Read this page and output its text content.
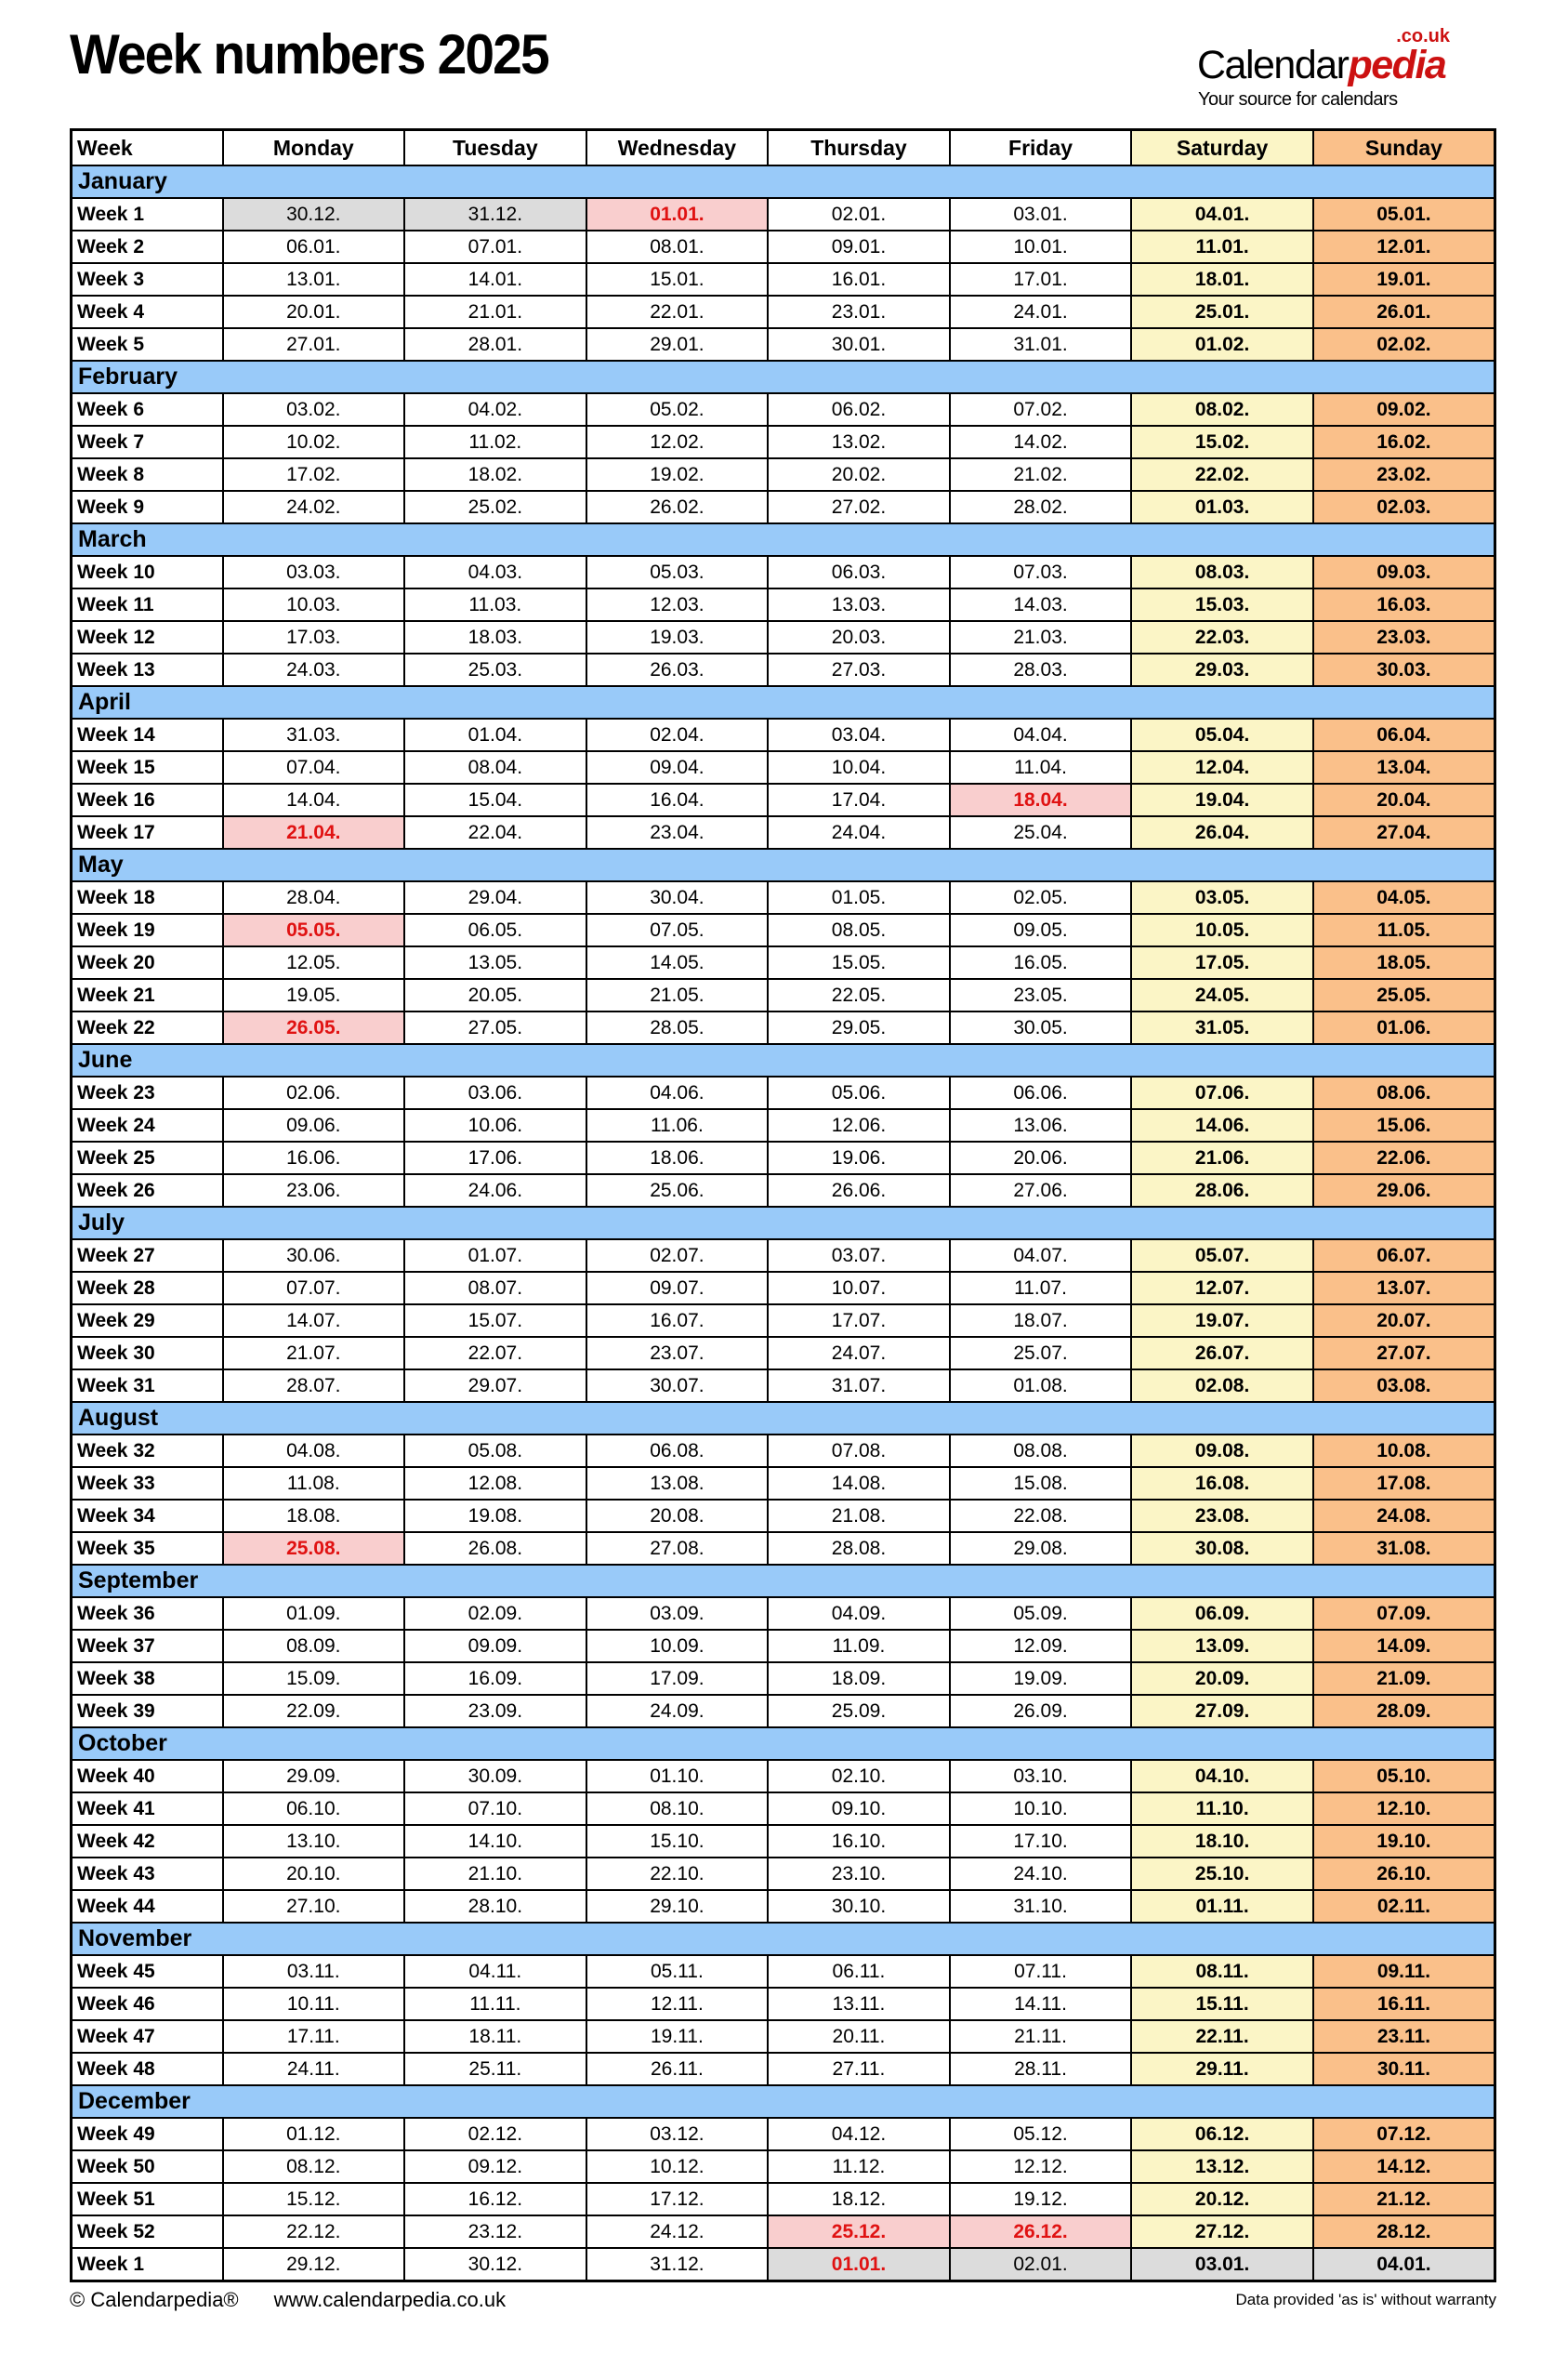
Week numbers 2025	.co.uk
Calendarpedia
Your source for calendars
Week	Monday	Tuesday	Wednesday	Thursday	Friday	Saturday	Sunday
January							
Week 1	30.12.	31.12.	01.01.	02.01.	03.01.	04.01.	05.01.
Week 2	06.01.	07.01.	08.01.	09.01.	10.01.	11.01.	12.01.
Week 3	13.01.	14.01.	15.01.	16.01.	17.01.	18.01.	19.01.
Week 4	20.01.	21.01.	22.01.	23.01.	24.01.	25.01.	26.01.
Week 5	27.01.	28.01.	29.01.	30.01.	31.01.	01.02.	02.02.
February							
Week 6	03.02.	04.02.	05.02.	06.02.	07.02.	08.02.	09.02.
Week 7	10.02.	11.02.	12.02.	13.02.	14.02.	15.02.	16.02.
Week 8	17.02.	18.02.	19.02.	20.02.	21.02.	22.02.	23.02.
Week 9	24.02.	25.02.	26.02.	27.02.	28.02.	01.03.	02.03.
March							
Week 10	03.03.	04.03.	05.03.	06.03.	07.03.	08.03.	09.03.
Week 11	10.03.	11.03.	12.03.	13.03.	14.03.	15.03.	16.03.
Week 12	17.03.	18.03.	19.03.	20.03.	21.03.	22.03.	23.03.
Week 13	24.03.	25.03.	26.03.	27.03.	28.03.	29.03.	30.03.
April							
Week 14	31.03.	01.04.	02.04.	03.04.	04.04.	05.04.	06.04.
Week 15	07.04.	08.04.	09.04.	10.04.	11.04.	12.04.	13.04.
Week 16	14.04.	15.04.	16.04.	17.04.	18.04.	19.04.	20.04.
Week 17	21.04.	22.04.	23.04.	24.04.	25.04.	26.04.	27.04.
May							
Week 18	28.04.	29.04.	30.04.	01.05.	02.05.	03.05.	04.05.
Week 19	05.05.	06.05.	07.05.	08.05.	09.05.	10.05.	11.05.
Week 20	12.05.	13.05.	14.05.	15.05.	16.05.	17.05.	18.05.
Week 21	19.05.	20.05.	21.05.	22.05.	23.05.	24.05.	25.05.
Week 22	26.05.	27.05.	28.05.	29.05.	30.05.	31.05.	01.06.
June							
Week 23	02.06.	03.06.	04.06.	05.06.	06.06.	07.06.	08.06.
Week 24	09.06.	10.06.	11.06.	12.06.	13.06.	14.06.	15.06.
Week 25	16.06.	17.06.	18.06.	19.06.	20.06.	21.06.	22.06.
Week 26	23.06.	24.06.	25.06.	26.06.	27.06.	28.06.	29.06.
July							
Week 27	30.06.	01.07.	02.07.	03.07.	04.07.	05.07.	06.07.
Week 28	07.07.	08.07.	09.07.	10.07.	11.07.	12.07.	13.07.
Week 29	14.07.	15.07.	16.07.	17.07.	18.07.	19.07.	20.07.
Week 30	21.07.	22.07.	23.07.	24.07.	25.07.	26.07.	27.07.
Week 31	28.07.	29.07.	30.07.	31.07.	01.08.	02.08.	03.08.
August							
Week 32	04.08.	05.08.	06.08.	07.08.	08.08.	09.08.	10.08.
Week 33	11.08.	12.08.	13.08.	14.08.	15.08.	16.08.	17.08.
Week 34	18.08.	19.08.	20.08.	21.08.	22.08.	23.08.	24.08.
Week 35	25.08.	26.08.	27.08.	28.08.	29.08.	30.08.	31.08.
September							
Week 36	01.09.	02.09.	03.09.	04.09.	05.09.	06.09.	07.09.
Week 37	08.09.	09.09.	10.09.	11.09.	12.09.	13.09.	14.09.
Week 38	15.09.	16.09.	17.09.	18.09.	19.09.	20.09.	21.09.
Week 39	22.09.	23.09.	24.09.	25.09.	26.09.	27.09.	28.09.
October							
Week 40	29.09.	30.09.	01.10.	02.10.	03.10.	04.10.	05.10.
Week 41	06.10.	07.10.	08.10.	09.10.	10.10.	11.10.	12.10.
Week 42	13.10.	14.10.	15.10.	16.10.	17.10.	18.10.	19.10.
Week 43	20.10.	21.10.	22.10.	23.10.	24.10.	25.10.	26.10.
Week 44	27.10.	28.10.	29.10.	30.10.	31.10.	01.11.	02.11.
November							
Week 45	03.11.	04.11.	05.11.	06.11.	07.11.	08.11.	09.11.
Week 46	10.11.	11.11.	12.11.	13.11.	14.11.	15.11.	16.11.
Week 47	17.11.	18.11.	19.11.	20.11.	21.11.	22.11.	23.11.
Week 48	24.11.	25.11.	26.11.	27.11.	28.11.	29.11.	30.11.
December							
Week 49	01.12.	02.12.	03.12.	04.12.	05.12.	06.12.	07.12.
Week 50	08.12.	09.12.	10.12.	11.12.	12.12.	13.12.	14.12.
Week 51	15.12.	16.12.	17.12.	18.12.	19.12.	20.12.	21.12.
Week 52	22.12.	23.12.	24.12.	25.12.	26.12.	27.12.	28.12.
Week 1	29.12.	30.12.	31.12.	01.01.	02.01.	03.01.	04.01.
© Calendarpedia® www.calendarpedia.co.uk	Data provided 'as is' without warranty
